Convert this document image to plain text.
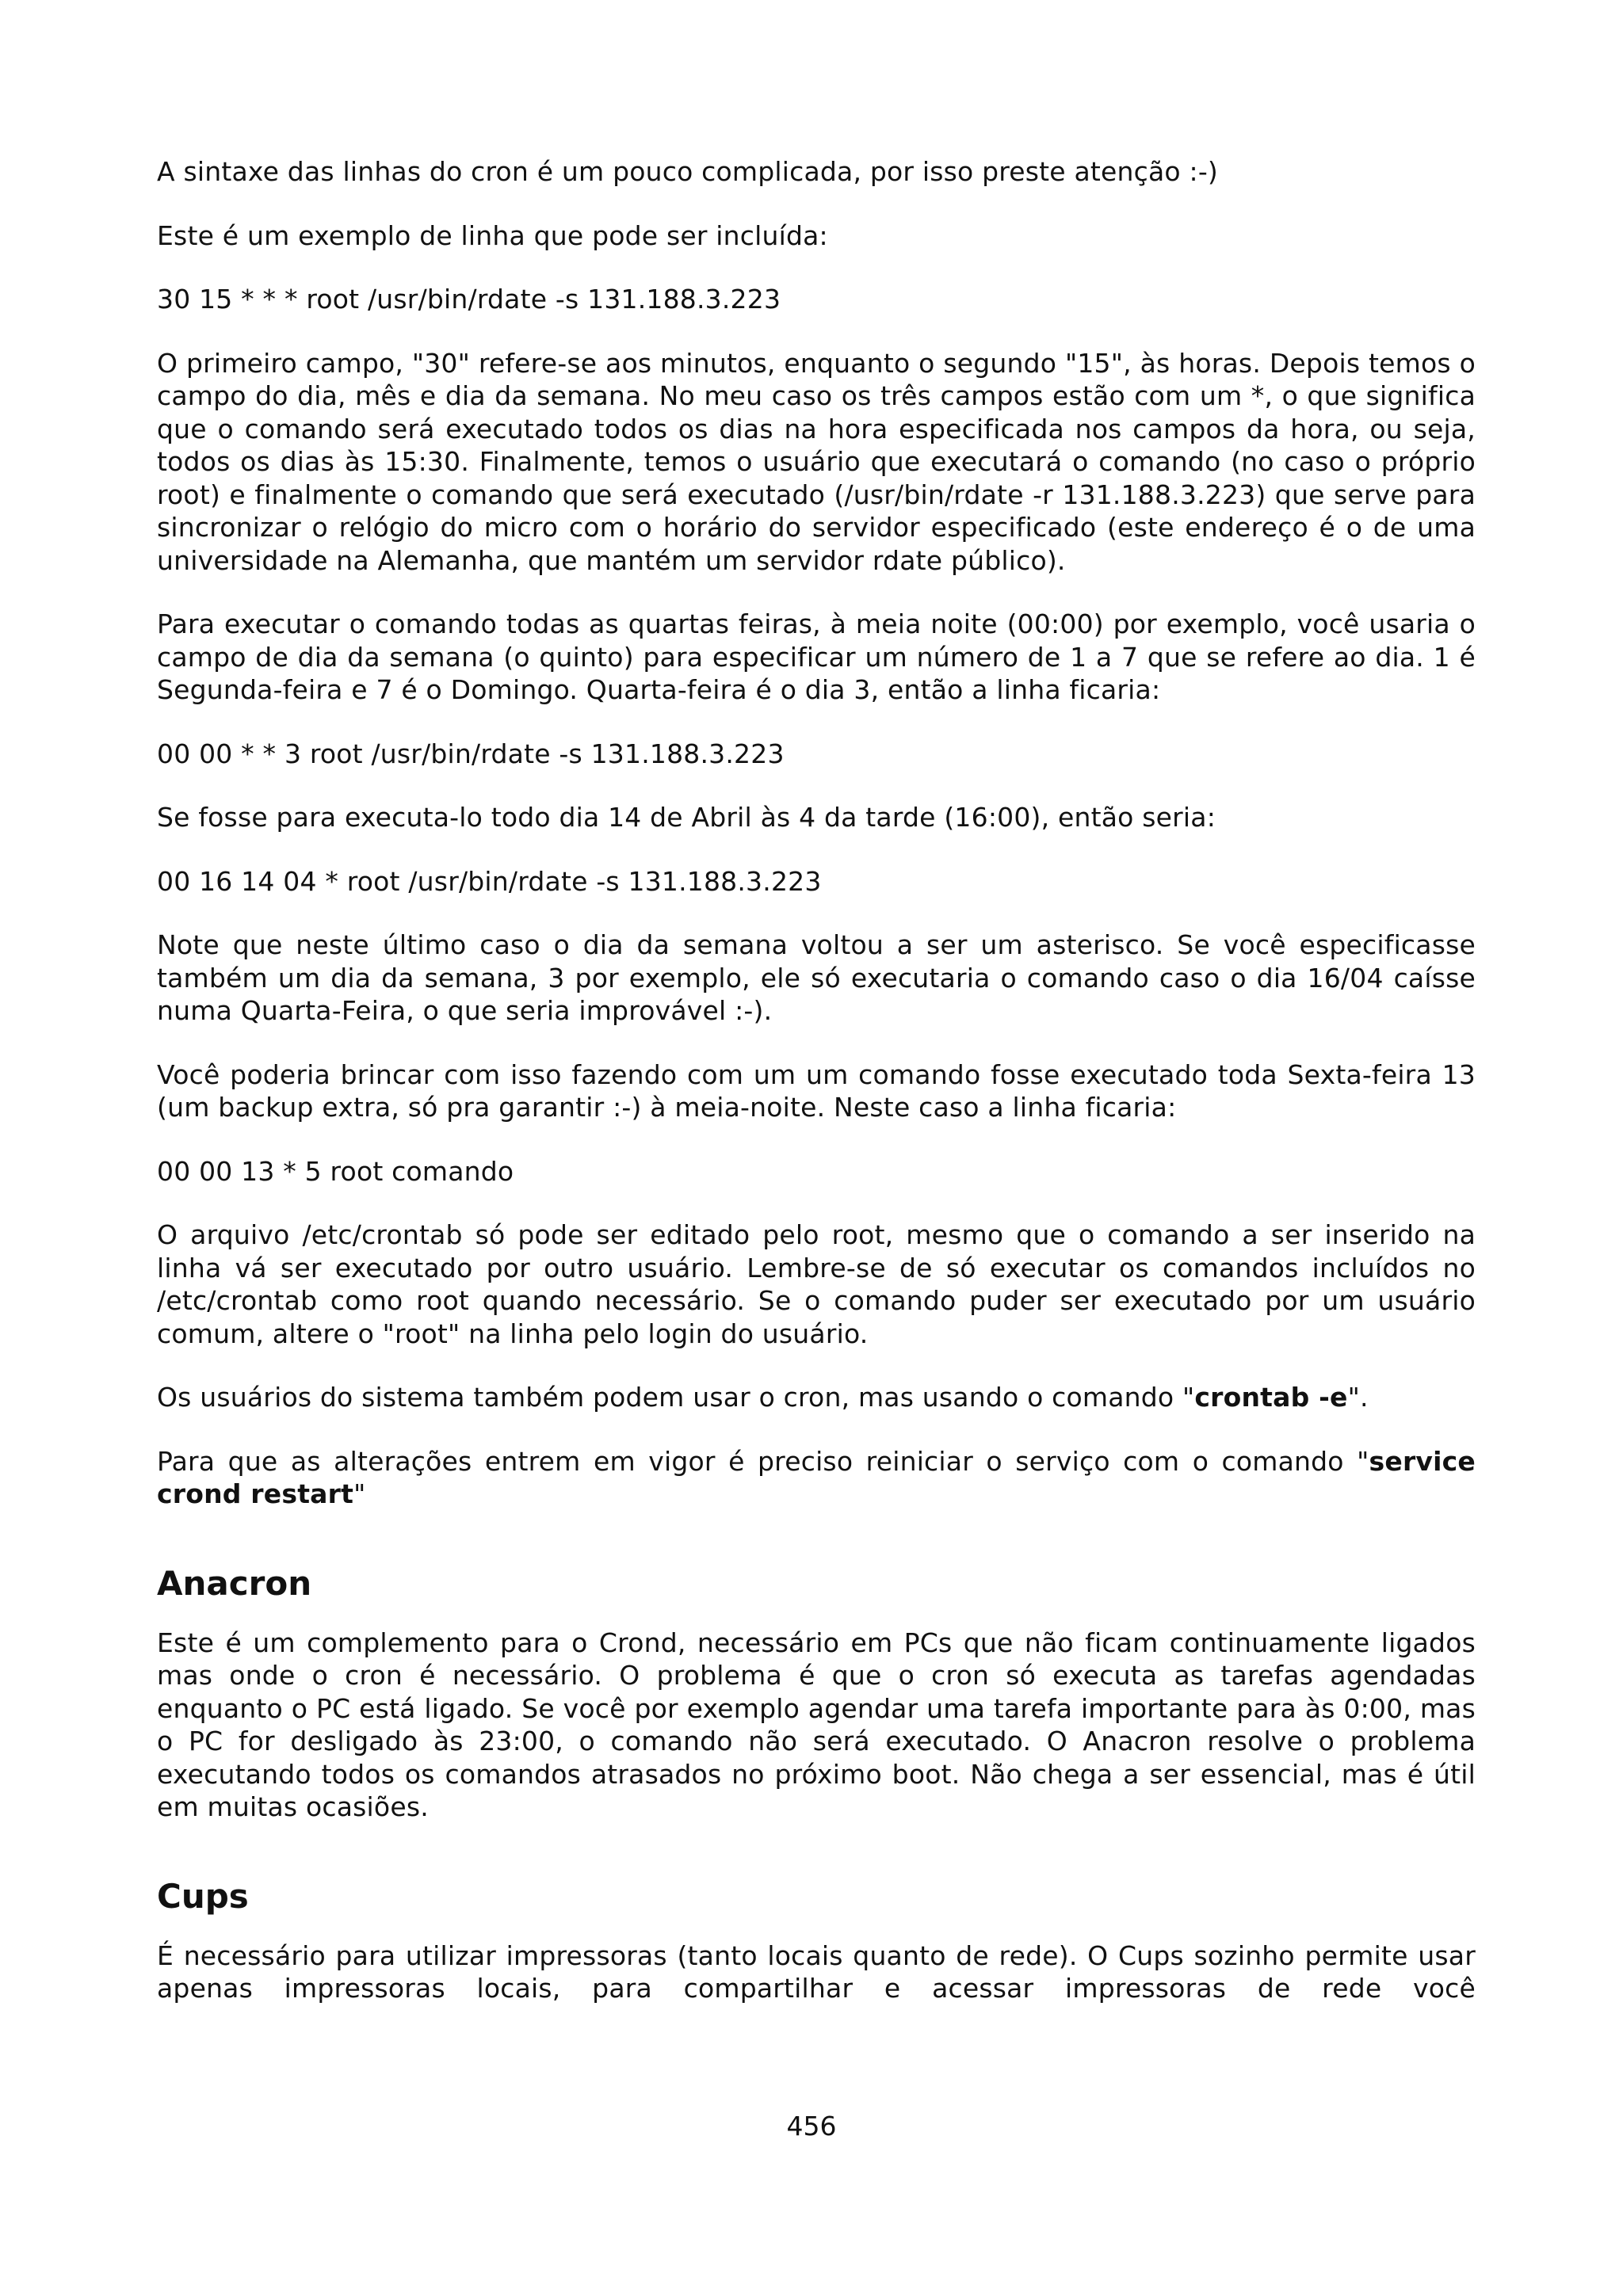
A sintaxe das linhas do cron é um pouco complicada, por isso preste atenção :-)

Este é um exemplo de linha que pode ser incluída:

30 15 * * * root /usr/bin/rdate -s 131.188.3.223

O primeiro campo, "30" refere-se aos minutos, enquanto o segundo "15", às horas. Depois temos o campo do dia, mês e dia da semana. No meu caso os três campos estão com um *, o que significa que o comando será executado todos os dias na hora especificada nos campos da hora, ou seja, todos os dias às 15:30. Finalmente, temos o usuário que executará o comando (no caso o próprio root) e finalmente o comando que será executado (/usr/bin/rdate -r 131.188.3.223) que serve para sincronizar o relógio do micro com o horário do servidor especificado (este endereço é o de uma universidade na Alemanha, que mantém um servidor rdate público).

Para executar o comando todas as quartas feiras, à meia noite (00:00) por exemplo, você usaria o campo de dia da semana (o quinto) para especificar um número de 1 a 7 que se refere ao dia. 1 é Segunda-feira e 7 é o Domingo. Quarta-feira é o dia 3, então a linha ficaria:

00 00 * * 3 root /usr/bin/rdate -s 131.188.3.223

Se fosse para executa-lo todo dia 14 de Abril às 4 da tarde (16:00), então seria:

00 16 14 04 * root /usr/bin/rdate -s 131.188.3.223

Note que neste último caso o dia da semana voltou a ser um asterisco. Se você especificasse também um dia da semana, 3 por exemplo, ele só executaria o comando caso o dia 16/04 caísse numa Quarta-Feira, o que seria improvável :-).

Você poderia brincar com isso fazendo com um um comando fosse executado toda Sexta-feira 13 (um backup extra, só pra garantir :-) à meia-noite. Neste caso a linha ficaria:

00 00 13 * 5 root comando

O arquivo /etc/crontab só pode ser editado pelo root, mesmo que o comando a ser inserido na linha vá ser executado por outro usuário. Lembre-se de só executar os comandos incluídos no /etc/crontab como root quando necessário. Se o comando puder ser executado por um usuário comum, altere o "root" na linha pelo login do usuário.

Os usuários do sistema também podem usar o cron, mas usando o comando "crontab -e".

Para que as alterações entrem em vigor é preciso reiniciar o serviço com o comando "service crond restart"

Anacron

Este é um complemento para o Crond, necessário em PCs que não ficam continuamente ligados mas onde o cron é necessário. O problema é que o cron só executa as tarefas agendadas enquanto o PC está ligado. Se você por exemplo agendar uma tarefa importante para às 0:00, mas o PC for desligado às 23:00, o comando não será executado. O Anacron resolve o problema executando todos os comandos atrasados no próximo boot. Não chega a ser essencial, mas é útil em muitas ocasiões.

Cups

É necessário para utilizar impressoras (tanto locais quanto de rede). O Cups sozinho permite usar apenas impressoras locais, para compartilhar e acessar impressoras de rede você

456
